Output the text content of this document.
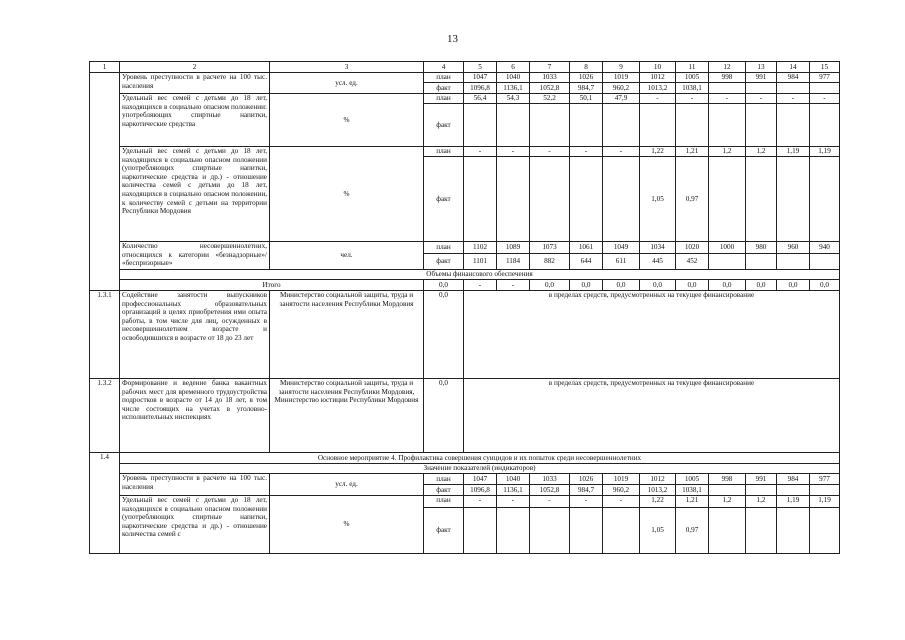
13
1	2	3	4	5	6	7	8	9	10	11	12	13	14	15
	Уровень преступности в расчете на 100 тыс. населения	усл. ед.	план	1047	1040	1033	1026	1019	1012	1005	998	991	984	977
			факт	1096,8	1136,1	1052,8	984,7	960,2	1013,2	1038,1				
	Удельный вес семей с детьми до 18 лет, находящихся в социально опасном положении: употребляющих спиртные напитки, наркотические средства	%	план	56,4	54,3	52,2	50,1	47,9	-	-	-	-	-	-
			факт											
	Удельный вес семей с детьми до 18 лет, находящихся в социально опасном положении (употребляющих спиртные напитки, наркотические средства и др.) - отношение количества семей с детьми до 18 лет, находящихся в социально опасном положении, к количеству семей с детьми на территории Республики Мордовия	%	план	-	-	-	-	-	1,22	1,21	1,2	1,2	1,19	1,19
			факт						1,05	0,97				
	Количество несовершеннолетних, относящихся к категории «безнадзорные»/ «беспризорные»	чел.	план	1102	1089	1073	1061	1049	1034	1020	1000	980	960	940
			факт	1101	1184	882	644	611	445	452				
	Объемы финансового обеспечения													
	Итого		0,0	-	-	0,0	0,0	0,0	0,0	0,0	0,0	0,0	0,0	0,0
1.3.1	Содействие занятости выпускников профессиональных образовательных организаций в целях приобретения ими опыта работы, в том числе для лиц, осужденных в несовершеннолетнем возрасте и освободившихся в возрасте от 18 до 23 лет	Министерство социальной защиты, труда и занятости населения Республики Мордовия	0,0	в пределах средств, предусмотренных на текущее финансирование										
1.3.2	Формирование и ведение банка вакантных рабочих мест для временного трудоустройства подростков в возрасте от 14 до 18 лет, в том числе состоящих на учетах в уголовно-исполнительных инспекциях	Министерство социальной защиты, труда и занятости населения Республики Мордовия, Министерство юстиции Республики Мордовия	0,0	в пределах средств, предусмотренных на текущее финансирование										
1.4	Основное мероприятие 4. Профилактика совершения суицидов и их попыток среди несовершеннолетних													
	Значение показателей (индикаторов)													
	Уровень преступности в расчете на 100 тыс. населения	усл. ед.	план	1047	1040	1033	1026	1019	1012	1005	998	991	984	977
			факт	1096,8	1136,1	1052,8	984,7	960,2	1013,2	1038,1				
	Удельный вес семей с детьми до 18 лет, находящихся в социально опасном положении (употребляющих спиртные напитки, наркотические средства и др.) - отношение количества семей с	%	план	-	-	-	-	-	1,22	1,21	1,2	1,2	1,19	1,19
			факт						1,05	0,97				
